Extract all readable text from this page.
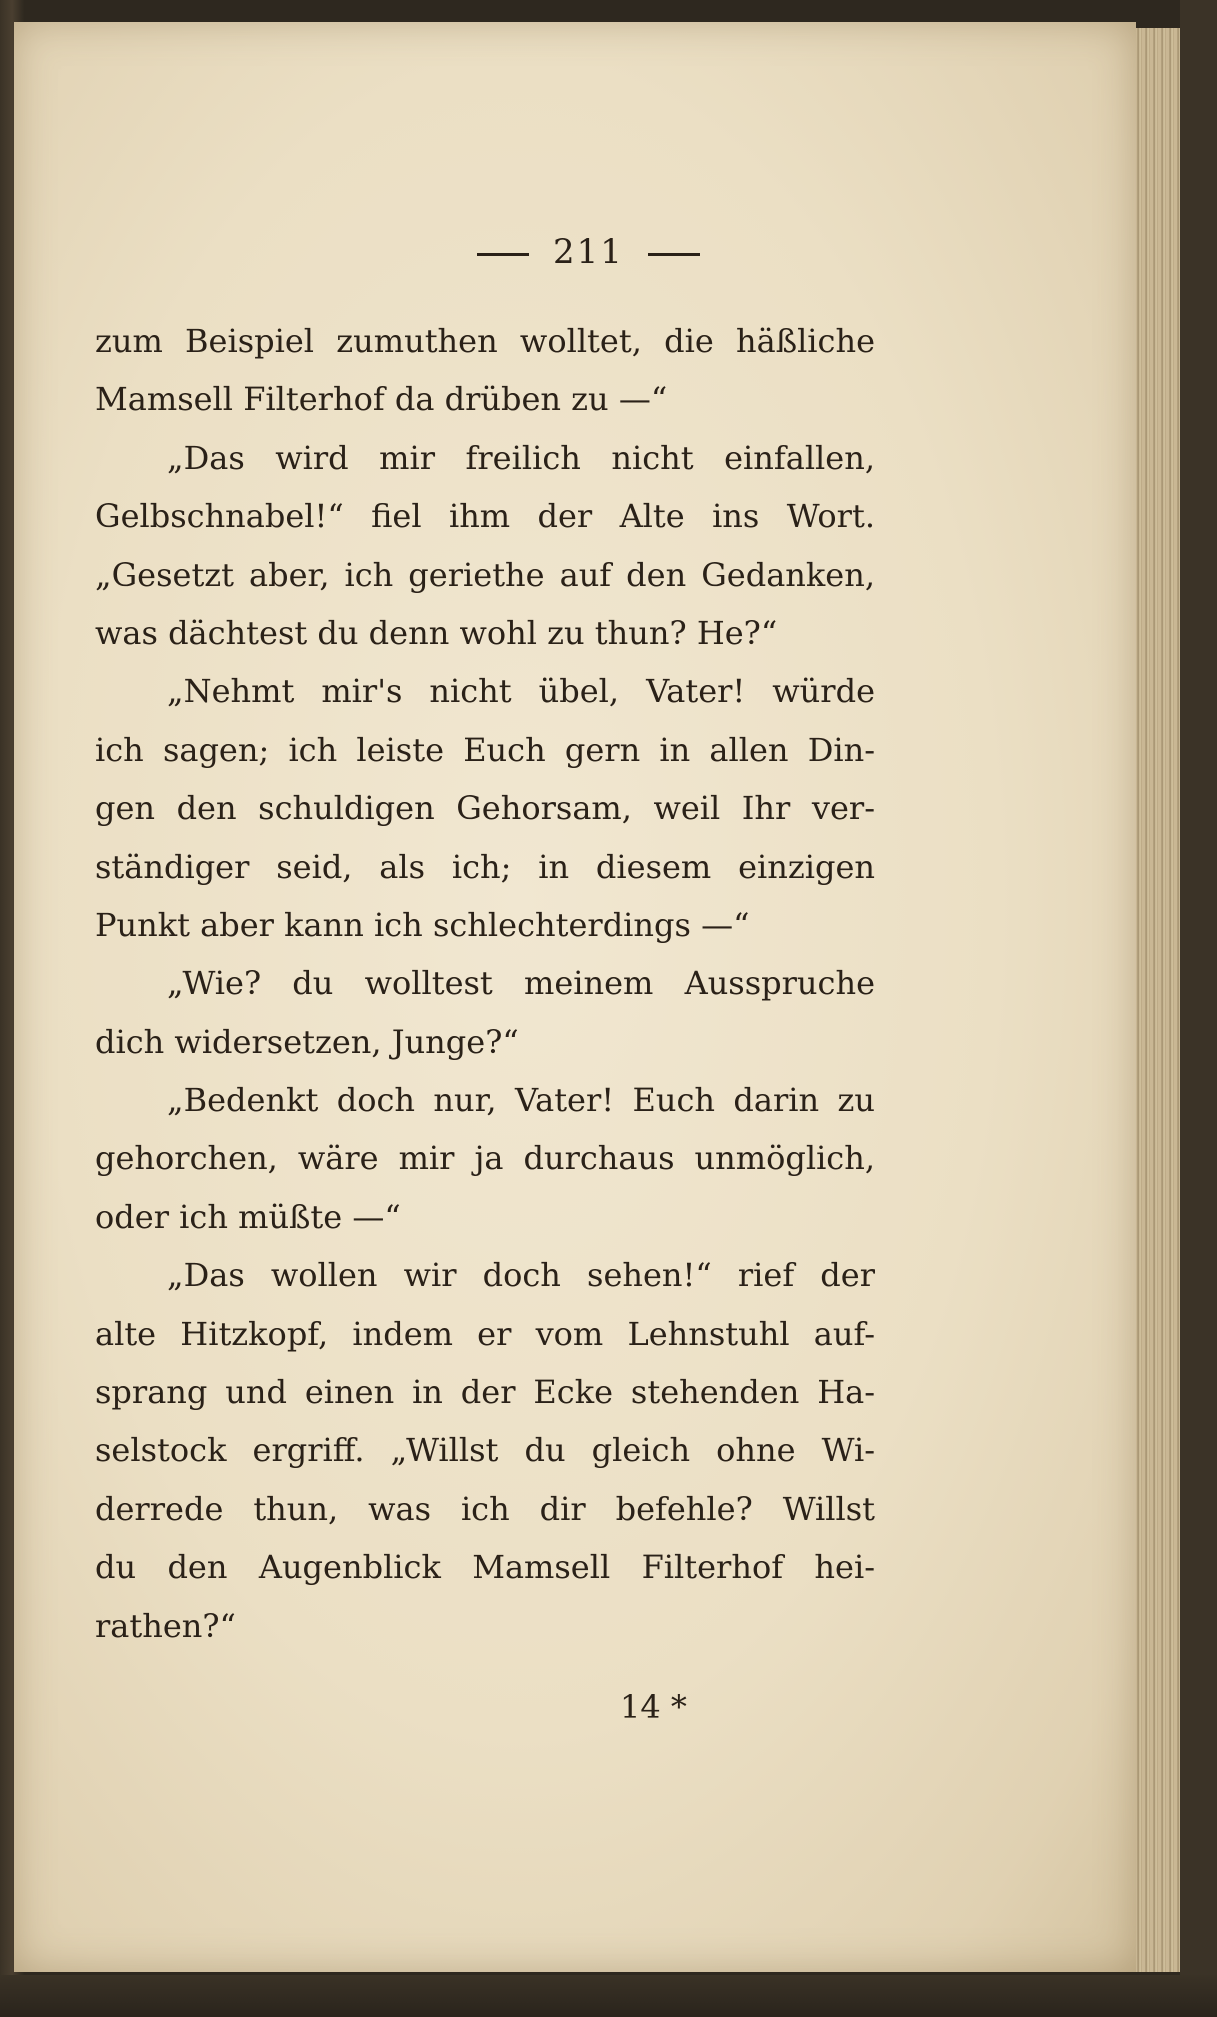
211
zum Beispiel zumuthen wolltet, die häßliche
Mamsell Filterhof da drüben zu —“
„Das wird mir freilich nicht einfallen,
Gelbschnabel!“ fiel ihm der Alte ins Wort.
„Gesetzt aber, ich geriethe auf den Gedanken,
was dächtest du denn wohl zu thun? He?“
„Nehmt mir's nicht übel, Vater! würde
ich sagen; ich leiste Euch gern in allen Din-
gen den schuldigen Gehorsam, weil Ihr ver-
ständiger seid, als ich; in diesem einzigen
Punkt aber kann ich schlechterdings —“
„Wie? du wolltest meinem Ausspruche
dich widersetzen, Junge?“
„Bedenkt doch nur, Vater! Euch darin zu
gehorchen, wäre mir ja durchaus unmöglich,
oder ich müßte —“
„Das wollen wir doch sehen!“ rief der
alte Hitzkopf, indem er vom Lehnstuhl auf-
sprang und einen in der Ecke stehenden Ha-
selstock ergriff. „Willst du gleich ohne Wi-
derrede thun, was ich dir befehle? Willst
du den Augenblick Mamsell Filterhof hei-
rathen?“
14 *
